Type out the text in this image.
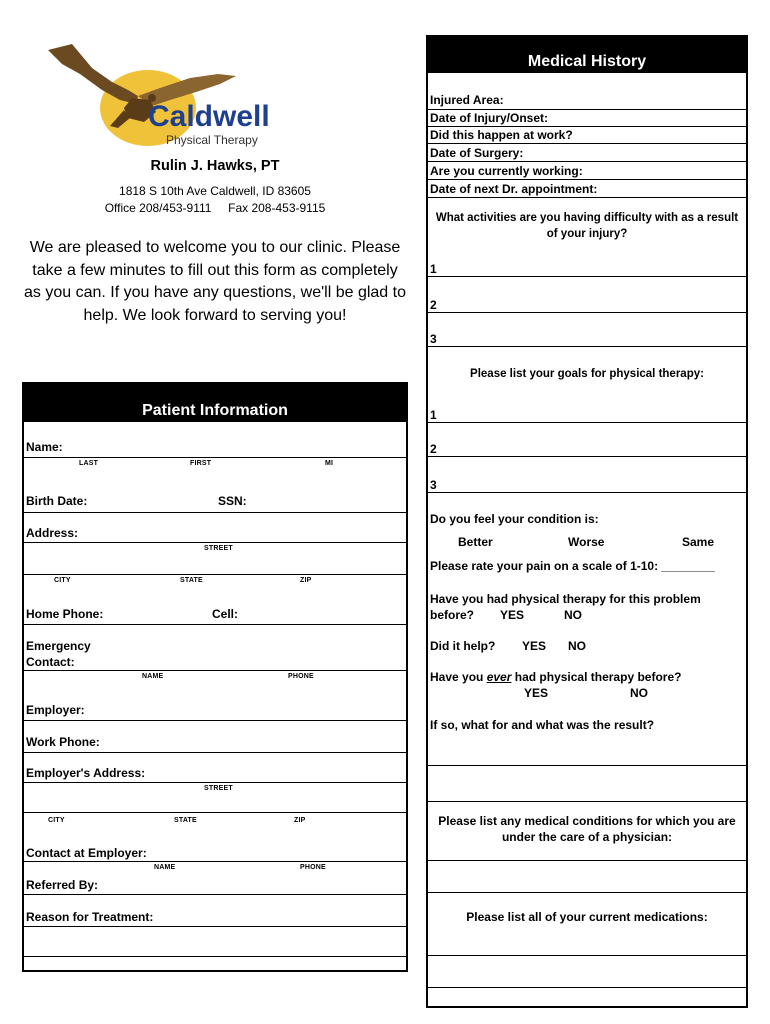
Caldwell
Physical Therapy
Rulin J. Hawks, PT
1818 S 10th Ave Caldwell, ID 83605
Office 208/453-9111     Fax 208-453-9115
We are pleased to welcome you to our clinic. Please take a few minutes to fill out this form as completely as you can. If you have any questions, we'll be glad to help. We look forward to serving you!
Patient Information
Name:
LAST	FIRST	MI
Birth Date:	SSN:
Address:
STREET
CITY	STATE	ZIP
Home Phone:	Cell:
Emergency
Contact:
NAME	PHONE
Employer:
Work Phone:
Employer's Address:
STREET
CITY	STATE	ZIP
Contact at Employer:
NAME	PHONE
Referred By:
Reason for Treatment:
Medical History
Injured Area:
Date of Injury/Onset:
Did this happen at work?
Date of Surgery:
Are you currently working:
Date of next Dr. appointment:
What activities are you having difficulty with as a result of your injury?
1
2
3
Please list your goals for physical therapy:
1
2
3
Do you feel your condition is:
Better	Worse	Same
Please rate your pain on a scale of 1-10: ________
Have you had physical therapy for this problem
before? YES	NO
Did it help? YES NO
Have you ever had physical therapy before?
YES	NO
If so, what for and what was the result?
Please list any medical conditions for which you are under the care of a physician:
Please list all of your current medications:
